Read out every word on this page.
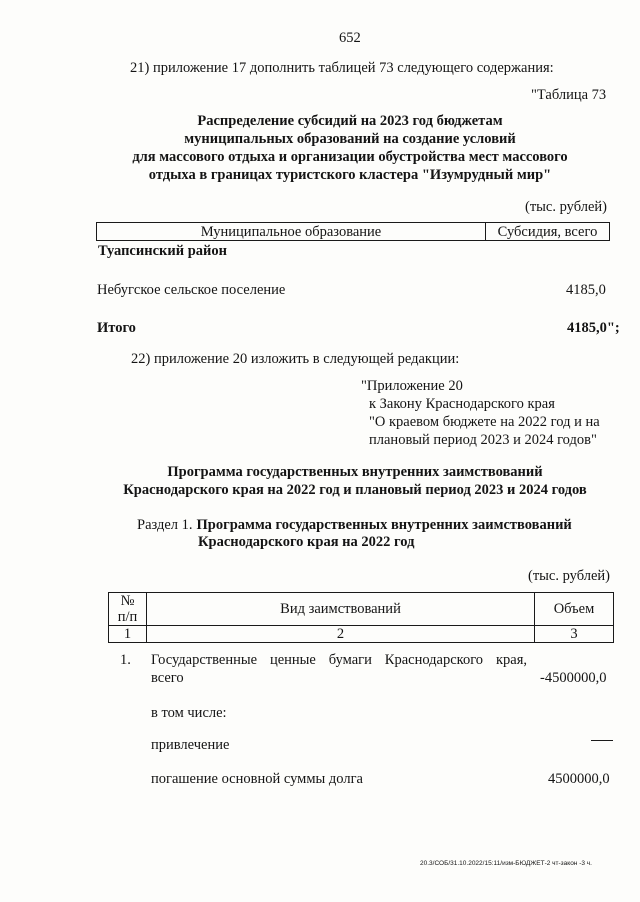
652
21) приложение 17 дополнить таблицей 73 следующего содержания:
"Таблица 73
Распределение субсидий на 2023 год бюджетам
муниципальных образований на создание условий
для массового отдыха и организации обустройства мест массового
отдыха в границах туристского кластера "Изумрудный мир"
(тыс. рублей)
Муниципальное образование	Субсидия, всего
Туапсинский район
Небугское сельское поселение	4185,0
Итого	4185,0";
22) приложение 20 изложить в следующей редакции:
"Приложение 20
к Закону Краснодарского края
"О краевом бюджете на 2022 год и на
плановый период 2023 и 2024 годов"
Программа государственных внутренних заимствований
Краснодарского края на 2022 год и плановый период 2023 и 2024 годов
Раздел 1. Программа государственных внутренних заимствований
Краснодарского края на 2022 год
(тыс. рублей)
№
п/п	Вид заимствований	Объем
1	2	3
1. Государственные ценные бумаги Краснодарского края,
всего	-4500000,0
в том числе:
привлечение
погашение основной суммы долга	4500000,0
20.3/СОБ/31.10.2022/15:11/изм-БЮДЖЕТ-2 чт-закон -3 ч.
